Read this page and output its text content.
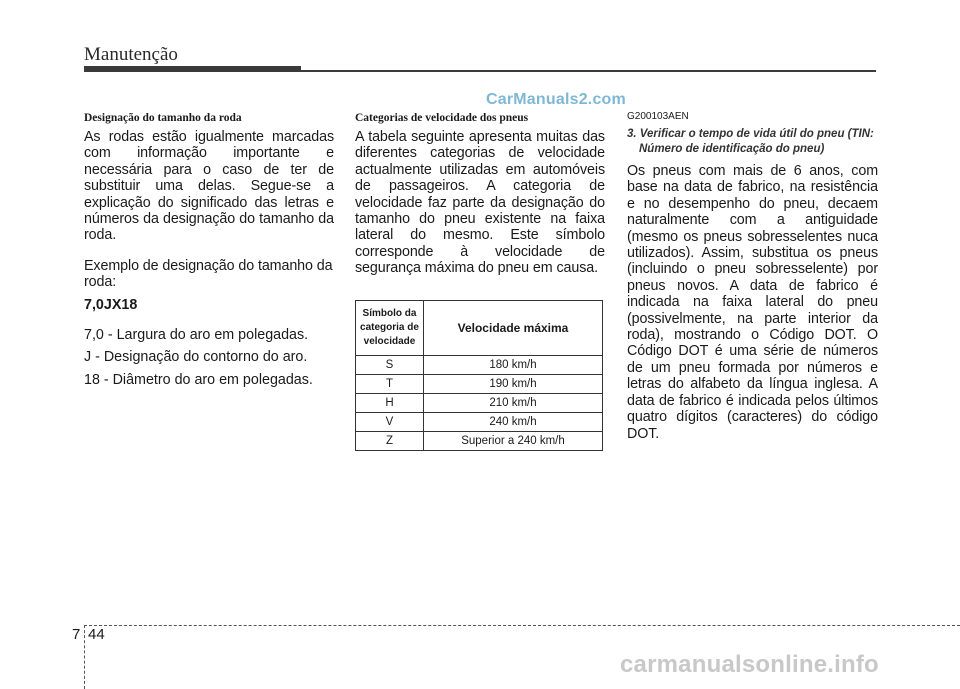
Manutenção
CarManuals2.com

Designação do tamanho da roda

As rodas estão igualmente marcadas com informação importante e necessária para o caso de ter de substituir uma delas. Segue-se a explicação do significado das letras e números da designação do tamanho da roda.

Exemplo de designação do tamanho da roda:

7,0JX18

7,0 - Largura do aro em polegadas.

J - Designação do contorno do aro.

18 - Diâmetro do aro em polegadas.

Categorias de velocidade dos pneus

A tabela seguinte apresenta muitas das diferentes categorias de velocidade actualmente utilizadas em automóveis de passageiros. A categoria de velocidade faz parte da designação do tamanho do pneu existente na faixa lateral do mesmo. Este símbolo corresponde à velocidade de segurança máxima do pneu em causa.

Símbolo da categoria de velocidade	Velocidade máxima
S	180 km/h
T	190 km/h
H	210 km/h
V	240 km/h
Z	Superior a 240 km/h

G200103AEN

3. Verificar o tempo de vida útil do pneu (TIN: Número de identificação do pneu)

Os pneus com mais de 6 anos, com base na data de fabrico, na resistência e no desempenho do pneu, decaem naturalmente com a antiguidade (mesmo os pneus sobresselentes nuca utilizados). Assim, substitua os pneus (incluindo o pneu sobresselente) por pneus novos. A data de fabrico é indicada na faixa lateral do pneu (possivelmente, na parte interior da roda), mostrando o Código DOT. O Código DOT é uma série de números de um pneu formada por números e letras do alfabeto da língua inglesa. A data de fabrico é indicada pelos últimos quatro dígitos (caracteres) do código DOT.

7 44
carmanualsonline.info
